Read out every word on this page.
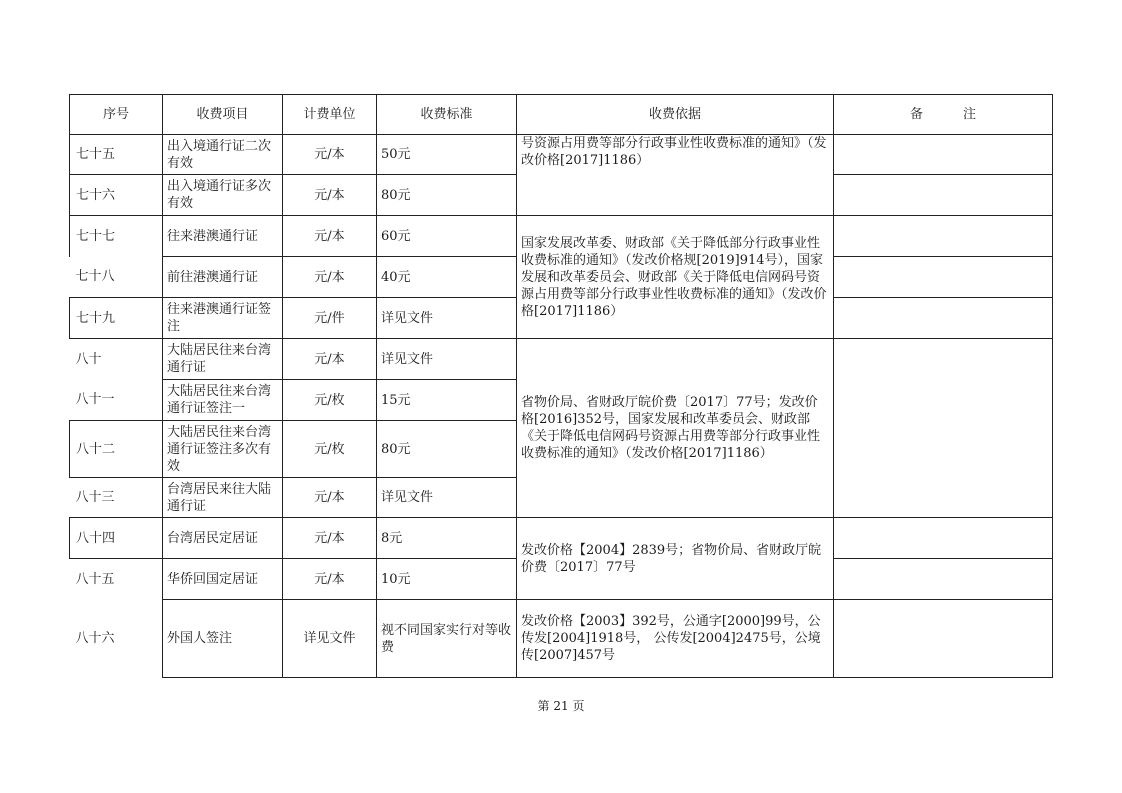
序号	收费项目	计费单位	收费标准	收费依据	备 注
七十五	出入境通行证二次有效	元/本	50元	号资源占用费等部分行政事业性收费标准的通知》（发改价格[2017]1186）	
七十六	出入境通行证多次有效	元/本	80元		
七十七	往来港澳通行证	元/本	60元	国家发展改革委、财政部《关于降低部分行政事业性收费标准的通知》（发改价格规[2019]914号），国家发展和改革委员会、财政部《关于降低电信网码号资源占用费等部分行政事业性收费标准的通知》（发改价格[2017]1186）	
七十八	前往港澳通行证	元/本	40元		
七十九	往来港澳通行证签注	元/件	详见文件		
八十	大陆居民往来台湾通行证	元/本	详见文件	省物价局、省财政厅皖价费〔2017〕77号；发改价格[2016]352号，国家发展和改革委员会、财政部《关于降低电信网码号资源占用费等部分行政事业性收费标准的通知》（发改价格[2017]1186）	
八十一	大陆居民往来台湾通行证签注一	元/枚	15元		
八十二	大陆居民往来台湾通行证签注多次有效	元/枚	80元		
八十三	台湾居民来往大陆通行证	元/本	详见文件		
八十四	台湾居民定居证	元/本	8元	发改价格【2004】2839号；省物价局、省财政厅皖价费〔2017〕77号	
八十五	华侨回国定居证	元/本	10元		
八十六	外国人签注	详见文件	视不同国家实行对等收费	发改价格【2003】392号，公通字[2000]99号，公传发[2004]1918号， 公传发[2004]2475号，公境传[2007]457号	
第 21 页
